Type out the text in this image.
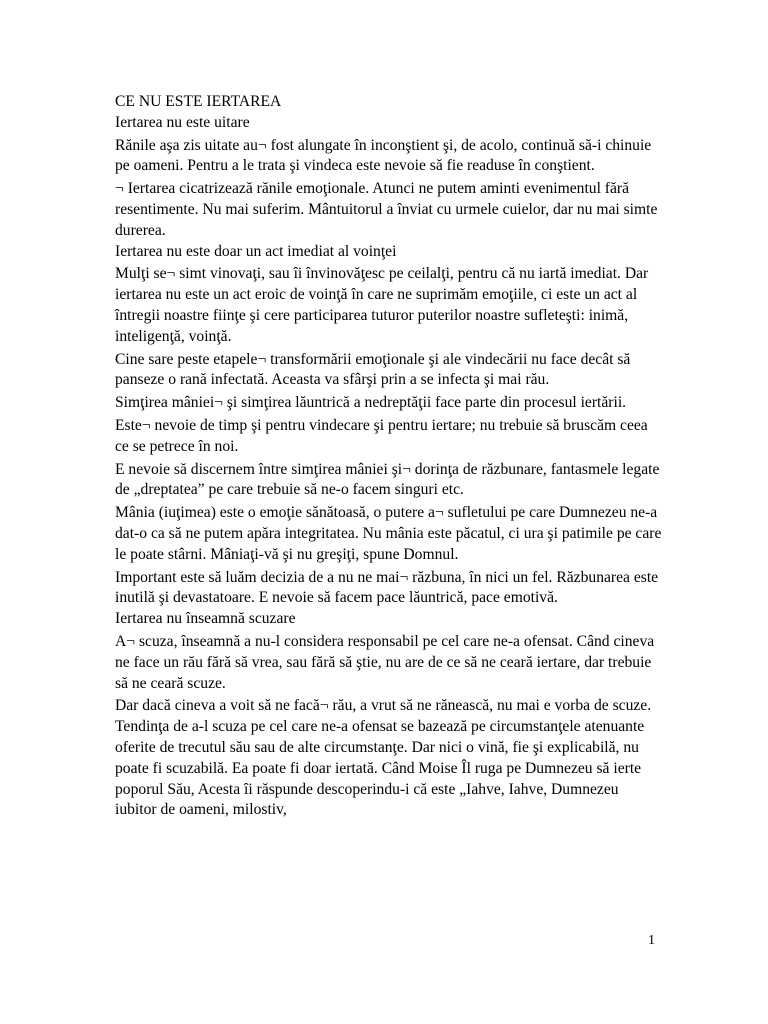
CE NU ESTE IERTAREA

Iertarea nu este uitare

Rănile aşa zis uitate au¬ fost alungate în inconştient şi, de acolo, continuă să-i chinuie pe oameni. Pentru a le trata şi vindeca este nevoie să fie readuse în conştient.

¬ Iertarea cicatrizează rănile emoţionale. Atunci ne putem aminti evenimentul fără resentimente. Nu mai suferim. Mântuitorul a înviat cu urmele cuielor, dar nu mai simte durerea.

Iertarea nu este doar un act imediat al voinţei

Mulţi se¬ simt vinovaţi, sau îi învinovăţesc pe ceilalţi, pentru că nu iartă imediat. Dar iertarea nu este un act eroic de voinţă în care ne suprimăm emoţiile, ci este un act al întregii noastre fiinţe şi cere participarea tuturor puterilor noastre sufleteşti: inimă, inteligenţă, voinţă.

Cine sare peste etapele¬ transformării emoţionale şi ale vindecării nu face decât să panseze o rană infectată. Aceasta va sfârşi prin a se infecta şi mai rău.

Simţirea mâniei¬ şi simţirea lăuntrică a nedreptăţii face parte din procesul iertării.

Este¬ nevoie de timp şi pentru vindecare şi pentru iertare; nu trebuie să bruscăm ceea ce se petrece în noi.

E nevoie să discernem între simţirea mâniei şi¬ dorinţa de răzbunare, fantasmele legate de „dreptatea” pe care trebuie să ne-o facem singuri etc.

Mânia (iuţimea) este o emoţie sănătoasă, o putere a¬ sufletului pe care Dumnezeu ne-a dat-o ca să ne putem apăra integritatea. Nu mânia este păcatul, ci ura şi patimile pe care le poate stârni. Mâniaţi-vă şi nu greşiţi, spune Domnul.

Important este să luăm decizia de a nu ne mai¬ răzbuna, în nici un fel. Răzbunarea este inutilă şi devastatoare. E nevoie să facem pace lăuntrică, pace emotivă.

Iertarea nu înseamnă scuzare

A¬ scuza, înseamnă a nu-l considera responsabil pe cel care ne-a ofensat. Când cineva ne face un rău fără să vrea, sau fără să ştie, nu are de ce să ne ceară iertare, dar trebuie să ne ceară scuze.

Dar dacă cineva a voit să ne facă¬ rău, a vrut să ne rănească, nu mai e vorba de scuze. Tendinţa de a-l scuza pe cel care ne-a ofensat se bazează pe circumstanţele atenuante oferite de trecutul său sau de alte circumstanţe. Dar nici o vină, fie şi explicabilă, nu poate fi scuzabilă. Ea poate fi doar iertată. Când Moise Îl ruga pe Dumnezeu să ierte poporul Său, Acesta îi răspunde descoperindu-i că este „Iahve, Iahve, Dumnezeu iubitor de oameni, milostiv,

1
